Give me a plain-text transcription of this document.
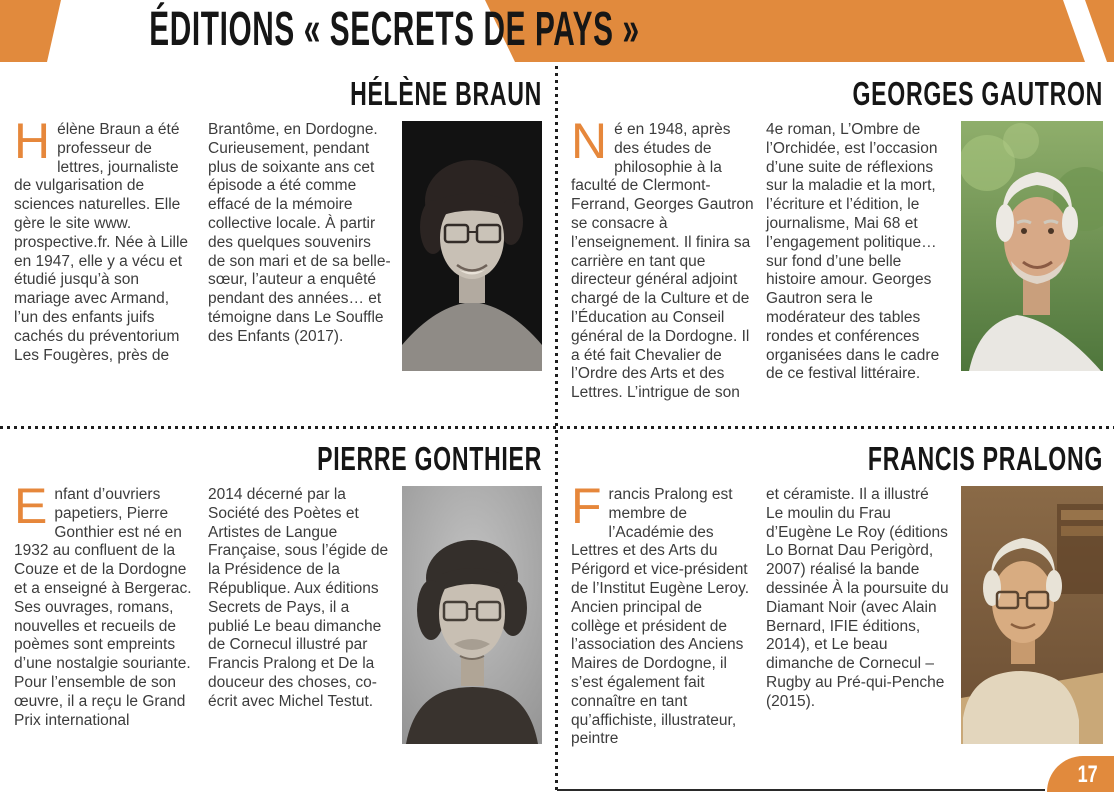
ÉDITIONS « SECRETS DE PAYS »
HÉLÈNE BRAUN

Hélène Braun a été professeur de lettres, journaliste de vulgarisation de sciences naturelles. Elle gère le site www. prospective.fr. Née à Lille en 1947, elle y a vécu et étudié jusqu’à son mariage avec Armand, l’un des enfants juifs cachés du préventorium Les Fougères, près de

Brantôme, en Dordogne. Curieusement, pendant plus de soixante ans cet épisode a été comme effacé de la mémoire collective locale. À partir des quelques souvenirs de son mari et de sa belle-sœur, l’auteur a enquêté pendant des années… et témoigne dans Le Souffle des Enfants (2017).

GEORGES GAUTRON

Né en 1948, après des études de philosophie à la faculté de Clermont-Ferrand, Georges Gautron se consacre à l’enseignement. Il finira sa carrière en tant que directeur général adjoint chargé de la Culture et de l’Éducation au Conseil général de la Dordogne. Il a été fait Chevalier de l’Ordre des Arts et des Lettres. L’intrigue de son

4e roman, L’Ombre de l’Orchidée, est l’occasion d’une suite de réflexions sur la maladie et la mort, l’écriture et l’édition, le journalisme, Mai 68 et l’engagement politique… sur fond d’une belle histoire amour. Georges Gautron sera le modérateur des tables rondes et conférences organisées dans le cadre de ce festival littéraire.

PIERRE GONTHIER

Enfant d’ouvriers papetiers, Pierre Gonthier est né en 1932 au confluent de la Couze et de la Dordogne et a enseigné à Bergerac. Ses ouvrages, romans, nouvelles et recueils de poèmes sont empreints d’une nostalgie souriante. Pour l’ensemble de son œuvre, il a reçu le Grand Prix international

2014 décerné par la Société des Poètes et Artistes de Langue Française, sous l’égide de la Présidence de la République. Aux éditions Secrets de Pays, il a publié Le beau dimanche de Cornecul illustré par Francis Pralong et De la douceur des choses, co-écrit avec Michel Testut.

FRANCIS PRALONG

Francis Pralong est membre de l’Académie des Lettres et des Arts du Périgord et vice-président de l’Institut Eugène Leroy. Ancien principal de collège et président de l’association des Anciens Maires de Dordogne, il s’est également fait connaître en tant qu’affichiste, illustrateur, peintre

et céramiste. Il a illustré Le moulin du Frau d’Eugène Le Roy (éditions Lo Bornat Dau Perigòrd, 2007) réalisé la bande dessinée À la poursuite du Diamant Noir (avec Alain Bernard, IFIE éditions, 2014), et Le beau dimanche de Cornecul – Rugby au Pré-qui-Penche (2015).

17
